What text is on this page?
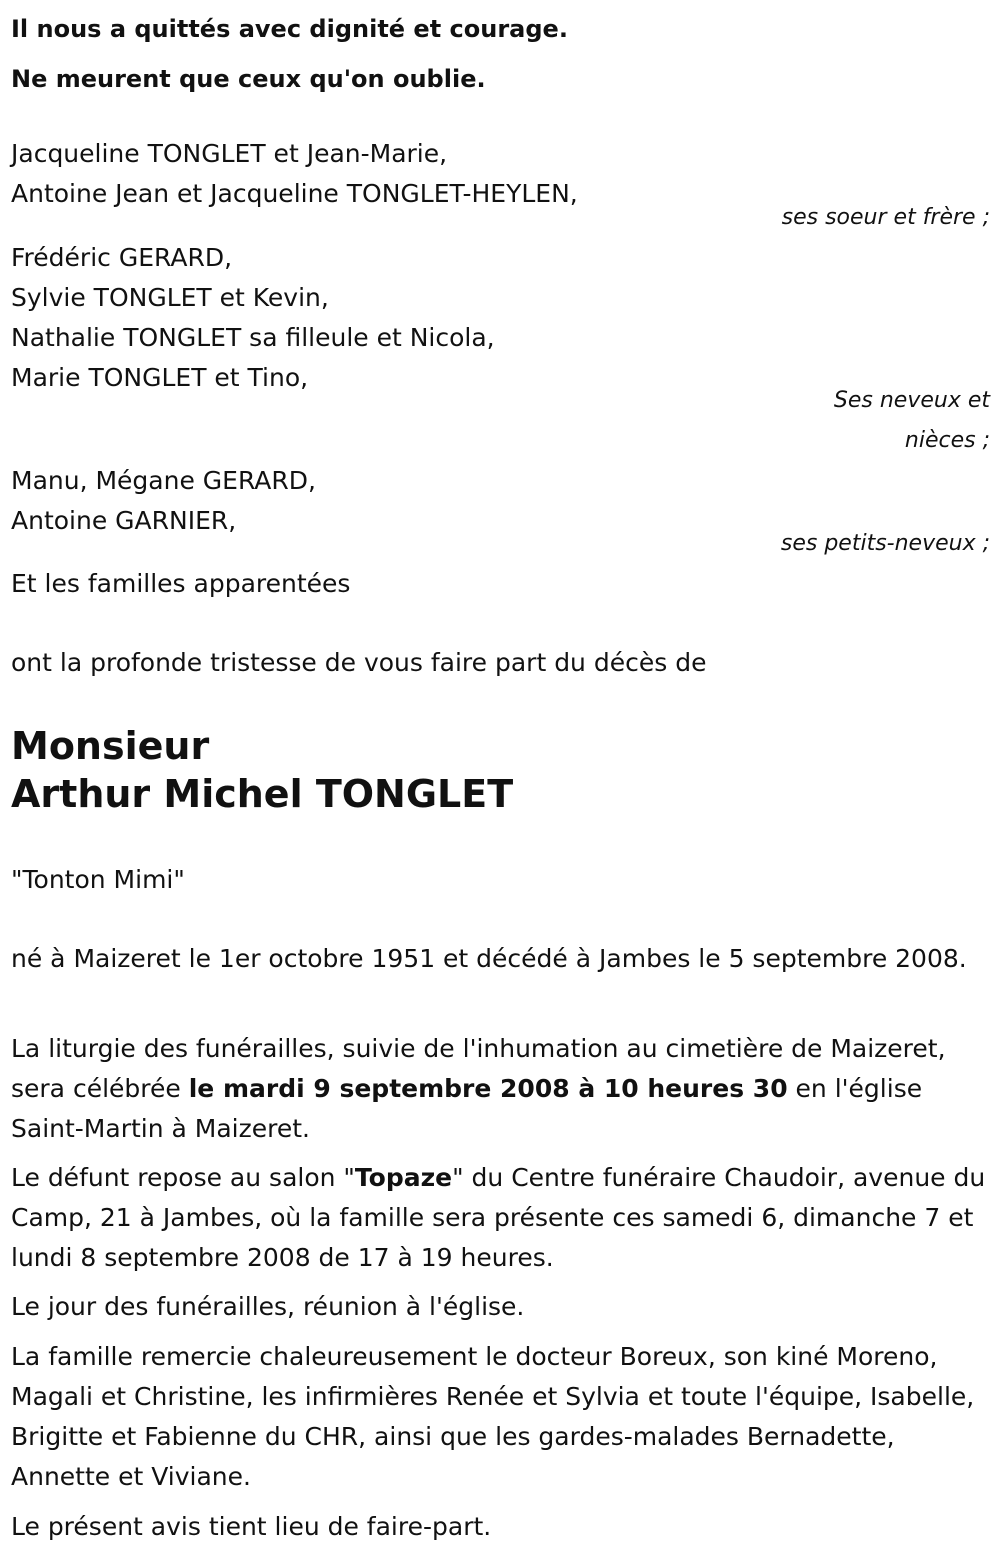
Il nous a quittés avec dignité et courage.
Ne meurent que ceux qu'on oublie.
Jacqueline TONGLET et Jean-Marie,
Antoine Jean et Jacqueline TONGLET-HEYLEN,
ses soeur et frère ;
Frédéric GERARD,
Sylvie TONGLET et Kevin,
Nathalie TONGLET sa filleule et Nicola,
Marie TONGLET et Tino,
Ses neveux et
nièces ;
Manu, Mégane GERARD,
Antoine GARNIER,
ses petits-neveux ;
Et les familles apparentées
ont la profonde tristesse de vous faire part du décès de
Monsieur
Arthur Michel TONGLET
"Tonton Mimi"
né à Maizeret le 1er octobre 1951 et décédé à Jambes le 5 septembre 2008.
La liturgie des funérailles, suivie de l'inhumation au cimetière de Maizeret, sera célébrée le mardi 9 septembre 2008 à 10 heures 30 en l'église Saint-Martin à Maizeret.
Le défunt repose au salon "Topaze" du Centre funéraire Chaudoir, avenue du Camp, 21 à Jambes, où la famille sera présente ces samedi 6, dimanche 7 et lundi 8 septembre 2008 de 17 à 19 heures.
Le jour des funérailles, réunion à l'église.
La famille remercie chaleureusement le docteur Boreux, son kiné Moreno, Magali et Christine, les infirmières Renée et Sylvia et toute l'équipe, Isabelle, Brigitte et Fabienne du CHR, ainsi que les gardes-malades Bernadette, Annette et Viviane.
Le présent avis tient lieu de faire-part.
